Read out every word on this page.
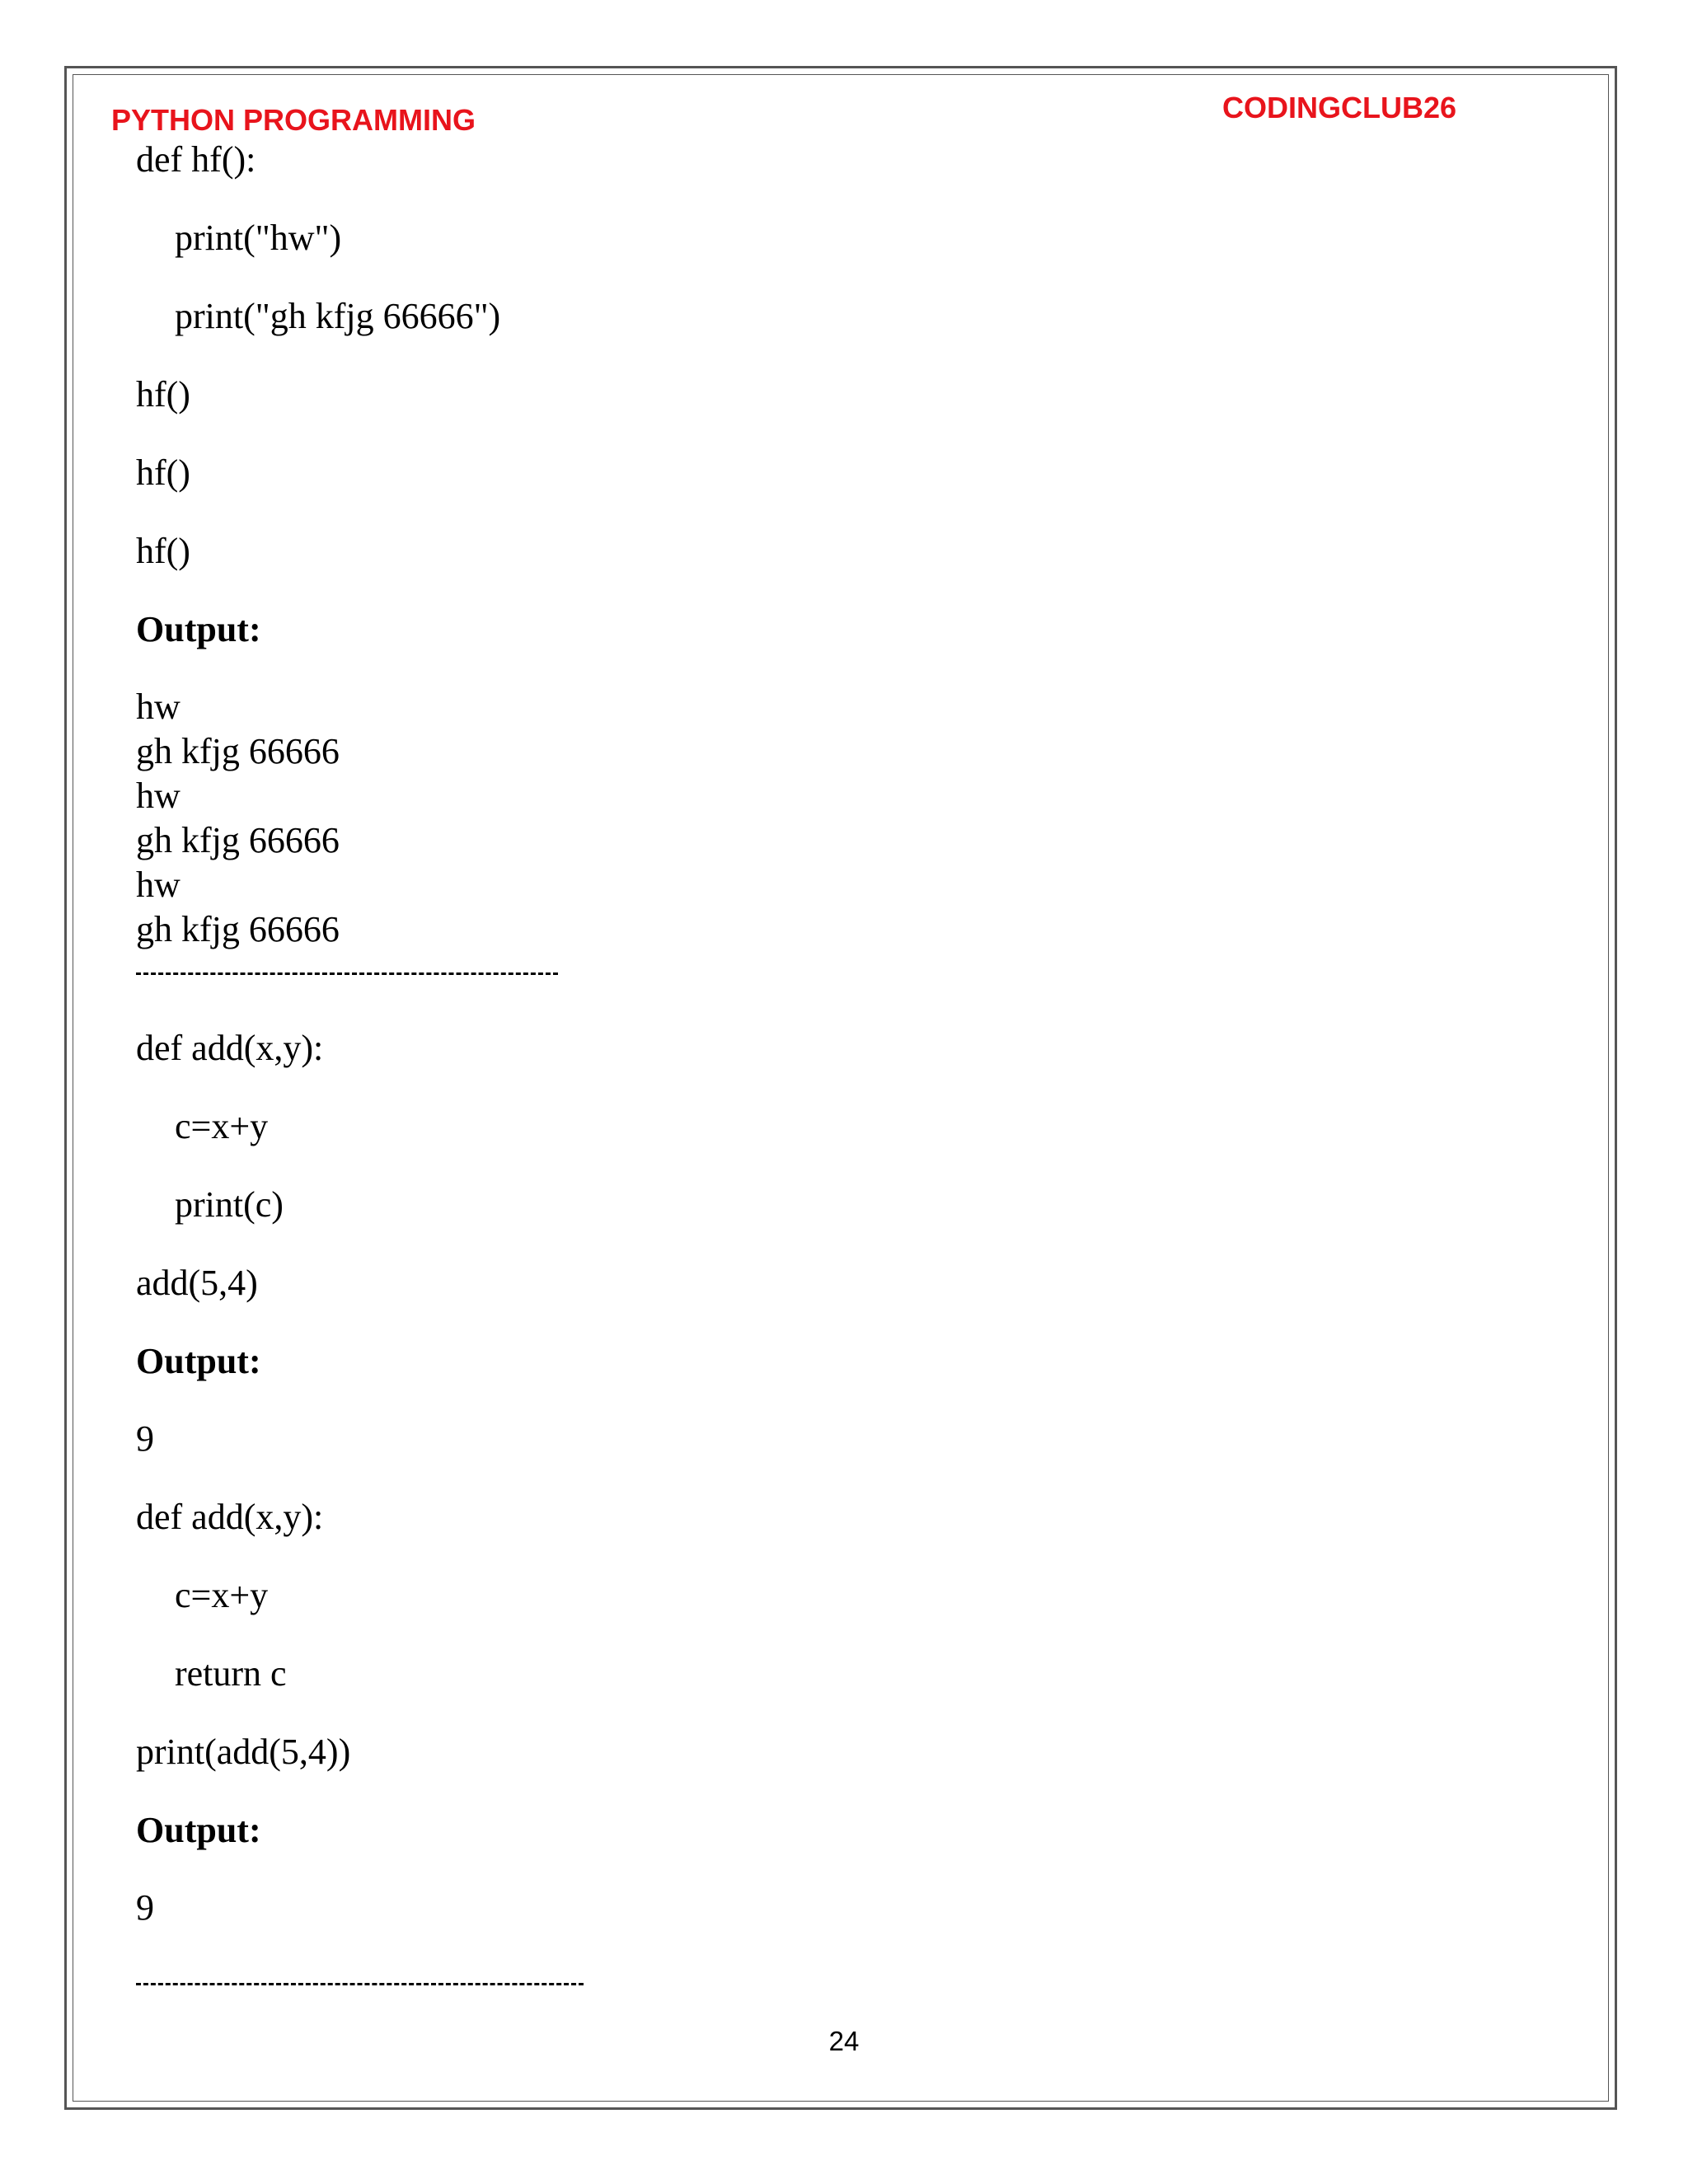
PYTHON PROGRAMMING	CODINGCLUB26
def hf():
print("hw")
print("gh kfjg 66666")
hf()
hf()
hf()
Output:
hw
gh kfjg 66666
hw
gh kfjg 66666
hw
gh kfjg 66666
def add(x,y):
c=x+y
print(c)
add(5,4)
Output:
9
def add(x,y):
c=x+y
return c
print(add(5,4))
Output:
9
24
